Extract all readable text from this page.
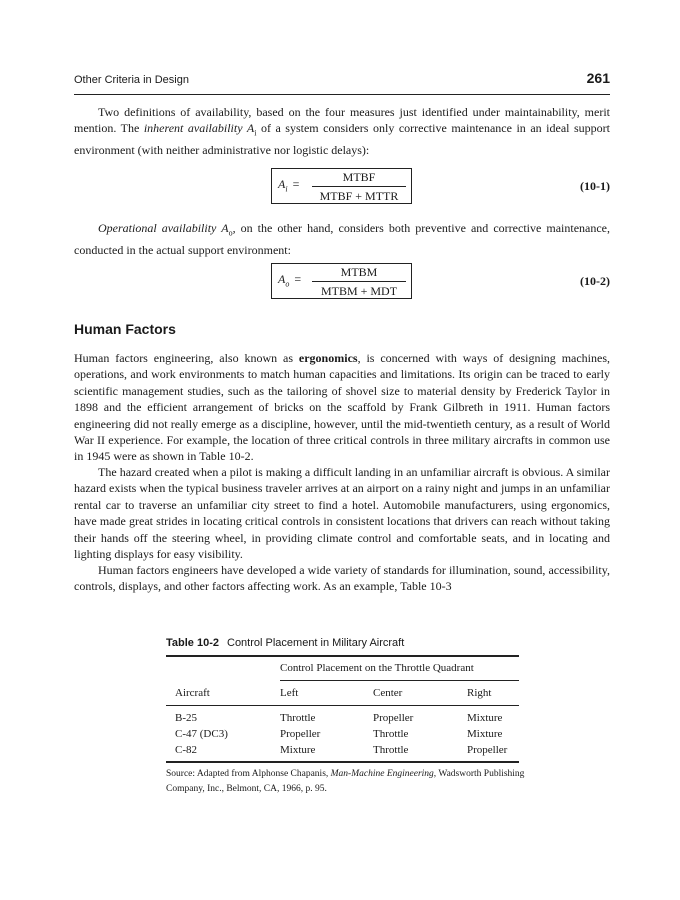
Other Criteria in Design	261

Two definitions of availability, based on the four measures just identified under maintainability, merit mention. The inherent availability $A_i$ of a system considers only corrective maintenance in an ideal support environment (with neither administrative nor logistic delays):

$A_i$ =	MTBF
MTBF + MTTR
(10-1)

Operational availability $A_o$, on the other hand, considers both preventive and corrective maintenance, conducted in the actual support environment:

$A_o$ =	MTBM
MTBM + MDT
(10-2)
Human Factors

Human factors engineering, also known as ergonomics, is concerned with ways of designing machines, operations, and work environments to match human capacities and limitations. Its origin can be traced to early scientific management studies, such as the tailoring of shovel size to material density by Frederick Taylor in 1898 and the efficient arrangement of bricks on the scaffold by Frank Gilbreth in 1911. Human factors engineering did not really emerge as a discipline, however, until the mid-twentieth century, as a result of World War II experience. For example, the location of three critical controls in three military aircrafts in common use in 1945 were as shown in Table 10-2.

The hazard created when a pilot is making a difficult landing in an unfamiliar aircraft is obvious. A similar hazard exists when the typical business traveler arrives at an airport on a rainy night and jumps in an unfamiliar rental car to traverse an unfamiliar city street to find a hotel. Automobile manufacturers, using ergonomics, have made great strides in locating critical controls in consistent locations that drivers can reach without taking their hands off the steering wheel, in providing climate control and comfortable seats, and in locating and lighting displays for easy visibility.

Human factors engineers have developed a wide variety of standards for illumination, sound, accessibility, controls, displays, and other factors affecting work. As an example, Table 10-3

Table 10-2 Control Placement in Military Aircraft
Control Placement on the Throttle Quadrant
Aircraft	Left	Center	Right
B-25	Throttle	Propeller	Mixture
C-47 (DC3)	Propeller	Throttle	Mixture
C-82	Mixture	Throttle	Propeller

Source: Adapted from Alphonse Chapanis, Man-Machine Engineering, Wadsworth Publishing Company, Inc., Belmont, CA, 1966, p. 95.
